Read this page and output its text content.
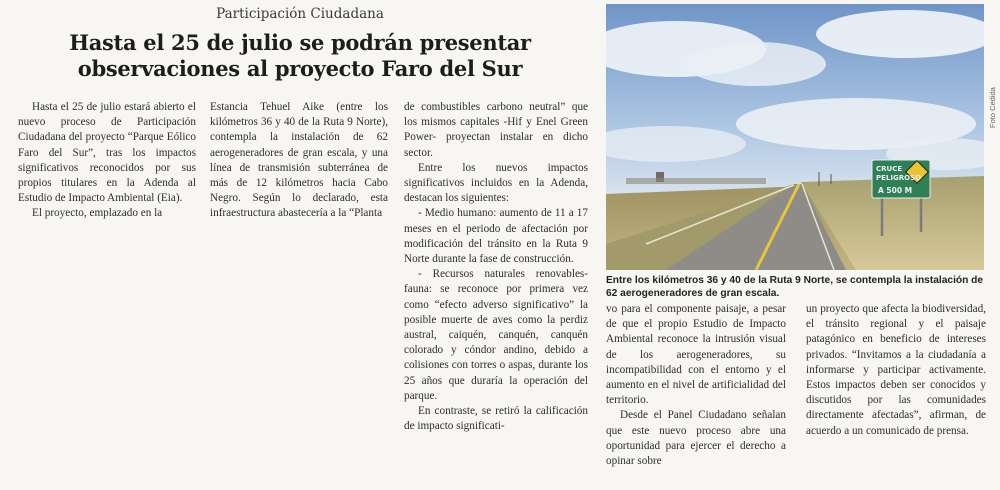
Participación Ciudadana
Hasta el 25 de julio se podrán presentar observaciones al proyecto Faro del Sur

Hasta el 25 de julio estará abierto el nuevo proceso de Participación Ciudadana del proyecto “Parque Eólico Faro del Sur”, tras los impactos significativos reconocidos por sus propios titulares en la Adenda al Estudio de Impacto Ambiental (Eia).

El proyecto, emplazado en la

Estancia Tehuel Aike (entre los kilómetros 36 y 40 de la Ruta 9 Norte), contempla la instalación de 62 aerogeneradores de gran escala, y una línea de transmisión subterránea de más de 12 kilómetros hacia Cabo Negro. Según lo declarado, esta infraestructura abastecería a la “Planta

de combustibles carbono neutral” que los mismos capitales -Hif y Enel Green Power- proyectan instalar en dicho sector.

Entre los nuevos impactos significativos incluidos en la Adenda, destacan los siguientes:

- Medio humano: aumento de 11 a 17 meses en el periodo de afectación por modificación del tránsito en la Ruta 9 Norte durante la fase de construcción.

- Recursos naturales renovables-fauna: se reconoce por primera vez como “efecto adverso significativo” la posible muerte de aves como la perdiz austral, caiquén, canquén, canquén colorado y cóndor andino, debido a colisiones con torres o aspas, durante los 25 años que duraría la operación del parque.

En contraste, se retiró la calificación de impacto significati-

CRUCE
PELIGROSO
A 500 M
Foto Cedida
Entre los kilómetros 36 y 40 de la Ruta 9 Norte, se contempla la instalación de 62 aerogeneradores de gran escala.

vo para el componente paisaje, a pesar de que el propio Estudio de Impacto Ambiental reconoce la intrusión visual de los aerogeneradores, su incompatibilidad con el entorno y el aumento en el nivel de artificialidad del territorio.

Desde el Panel Ciudadano señalan que este nuevo proceso abre una oportunidad para ejercer el derecho a opinar sobre

un proyecto que afecta la biodiversidad, el tránsito regional y el paisaje patagónico en beneficio de intereses privados. “Invitamos a la ciudadanía a informarse y participar activamente. Estos impactos deben ser conocidos y discutidos por las comunidades directamente afectadas”, afirman, de acuerdo a un comunicado de prensa.
